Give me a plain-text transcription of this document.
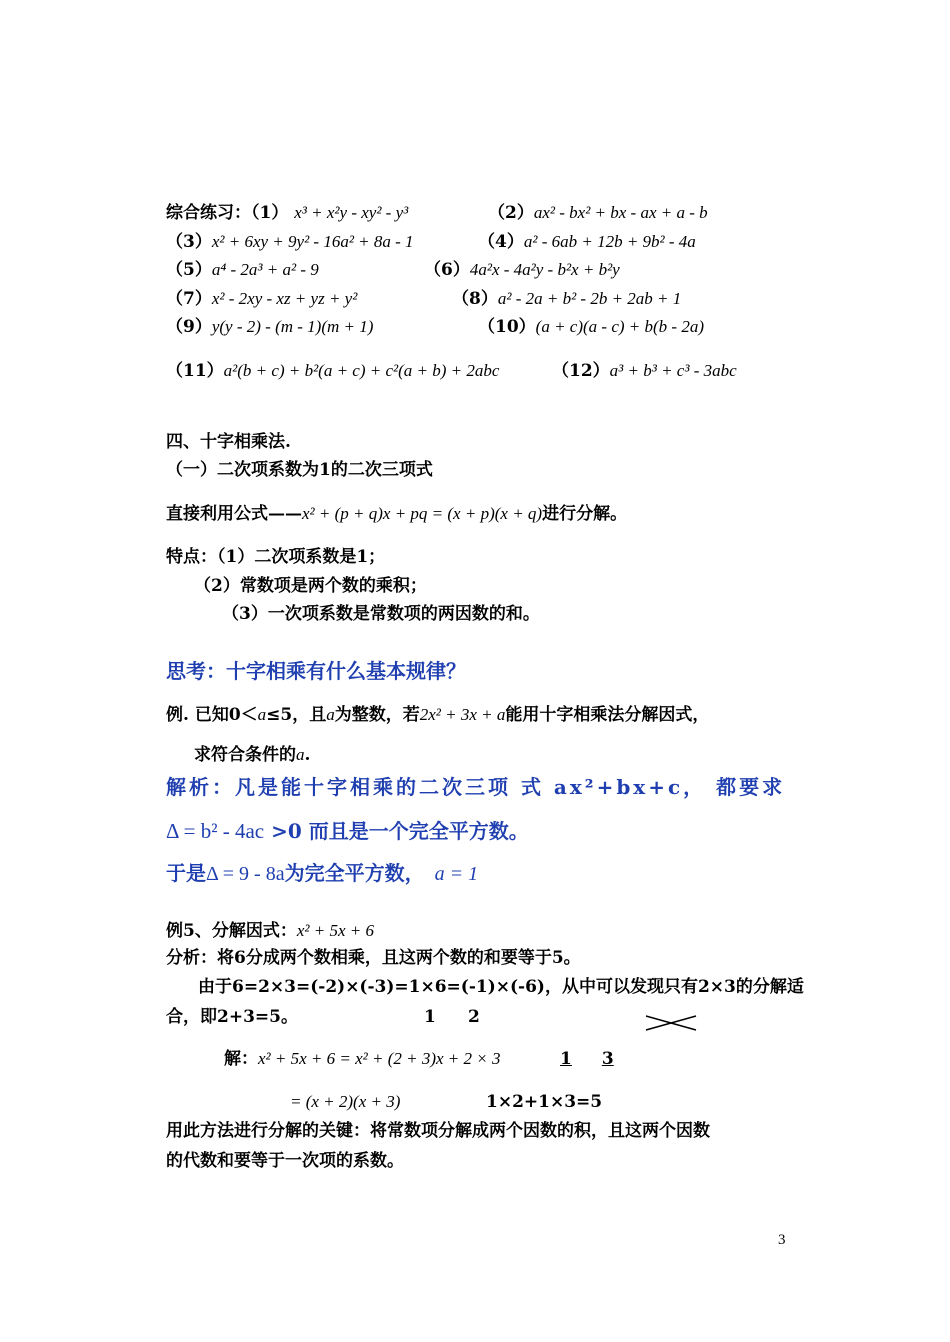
综合练习：（1） x³ + x²y - xy² - y³	（2）ax² - bx² + bx - ax + a - b
（3）x² + 6xy + 9y² - 16a² + 8a - 1	（4）a² - 6ab + 12b + 9b² - 4a
（5）a⁴ - 2a³ + a² - 9	（6）4a²x - 4a²y - b²x + b²y
（7）x² - 2xy - xz + yz + y²	（8）a² - 2a + b² - 2b + 2ab + 1
（9）y(y - 2) - (m - 1)(m + 1)	（10）(a + c)(a - c) + b(b - 2a)
（11）a²(b + c) + b²(a + c) + c²(a + b) + 2abc	（12）a³ + b³ + c³ - 3abc
四、十字相乘法.
（一）二次项系数为1的二次三项式
直接利用公式——x² + (p + q)x + pq = (x + p)(x + q)进行分解。
特点：（1）二次项系数是1；
（2）常数项是两个数的乘积；
（3）一次项系数是常数项的两因数的和。
思考：十字相乘有什么基本规律？
例. 已知0＜a≤5，且a为整数，若2x² + 3x + a能用十字相乘法分解因式，
求符合条件的a.
解析：凡是能十字相乘的二次三项 式 ax²+bx+c， 都要求
Δ = b² - 4ac >0 而且是一个完全平方数。
于是Δ = 9 - 8a为完全平方数， a = 1
例5、分解因式：x² + 5x + 6
分析：将6分成两个数相乘，且这两个数的和要等于5。
由于6=2×3=(-2)×(-3)=1×6=(-1)×(-6)，从中可以发现只有2×3的分解适
合，即2+3=5。	1 2
解：x² + 5x + 6 = x² + (2 + 3)x + 2 × 3	1 3
= (x + 2)(x + 3)	1×2+1×3=5
用此方法进行分解的关键：将常数项分解成两个因数的积，且这两个因数
的代数和要等于一次项的系数。
3
